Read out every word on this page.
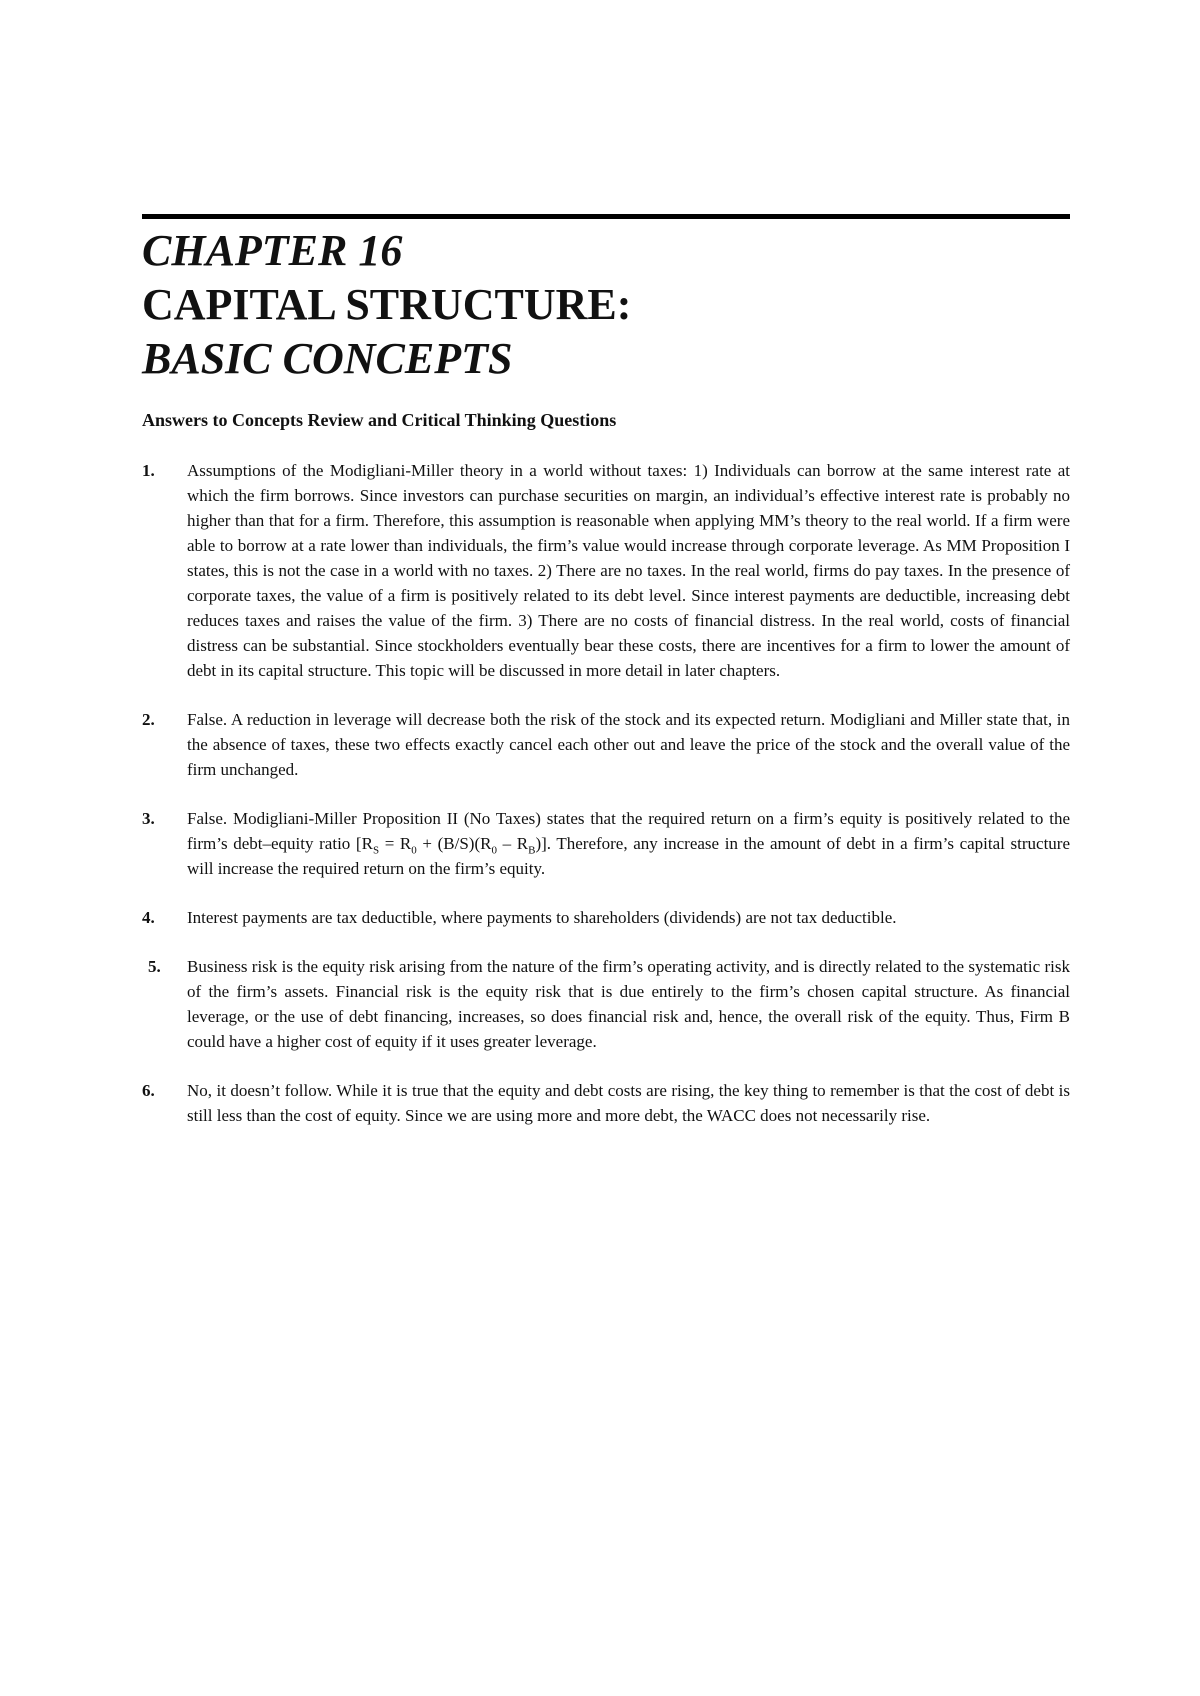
CHAPTER 16
CAPITAL STRUCTURE:
BASIC CONCEPTS
Answers to Concepts Review and Critical Thinking Questions
1. Assumptions of the Modigliani-Miller theory in a world without taxes: 1) Individuals can borrow at the same interest rate at which the firm borrows. Since investors can purchase securities on margin, an individual’s effective interest rate is probably no higher than that for a firm. Therefore, this assumption is reasonable when applying MM’s theory to the real world. If a firm were able to borrow at a rate lower than individuals, the firm’s value would increase through corporate leverage. As MM Proposition I states, this is not the case in a world with no taxes. 2) There are no taxes. In the real world, firms do pay taxes. In the presence of corporate taxes, the value of a firm is positively related to its debt level. Since interest payments are deductible, increasing debt reduces taxes and raises the value of the firm. 3) There are no costs of financial distress. In the real world, costs of financial distress can be substantial. Since stockholders eventually bear these costs, there are incentives for a firm to lower the amount of debt in its capital structure. This topic will be discussed in more detail in later chapters.
2. False. A reduction in leverage will decrease both the risk of the stock and its expected return. Modigliani and Miller state that, in the absence of taxes, these two effects exactly cancel each other out and leave the price of the stock and the overall value of the firm unchanged.
3. False. Modigliani-Miller Proposition II (No Taxes) states that the required return on a firm’s equity is positively related to the firm’s debt–equity ratio $[R_S = R_0 + (B/S)(R_0 - R_B)]$. Therefore, any increase in the amount of debt in a firm’s capital structure will increase the required return on the firm’s equity.
4. Interest payments are tax deductible, where payments to shareholders (dividends) are not tax deductible.
5. Business risk is the equity risk arising from the nature of the firm’s operating activity, and is directly related to the systematic risk of the firm’s assets. Financial risk is the equity risk that is due entirely to the firm’s chosen capital structure. As financial leverage, or the use of debt financing, increases, so does financial risk and, hence, the overall risk of the equity. Thus, Firm B could have a higher cost of equity if it uses greater leverage.
6. No, it doesn’t follow. While it is true that the equity and debt costs are rising, the key thing to remember is that the cost of debt is still less than the cost of equity. Since we are using more and more debt, the WACC does not necessarily rise.
